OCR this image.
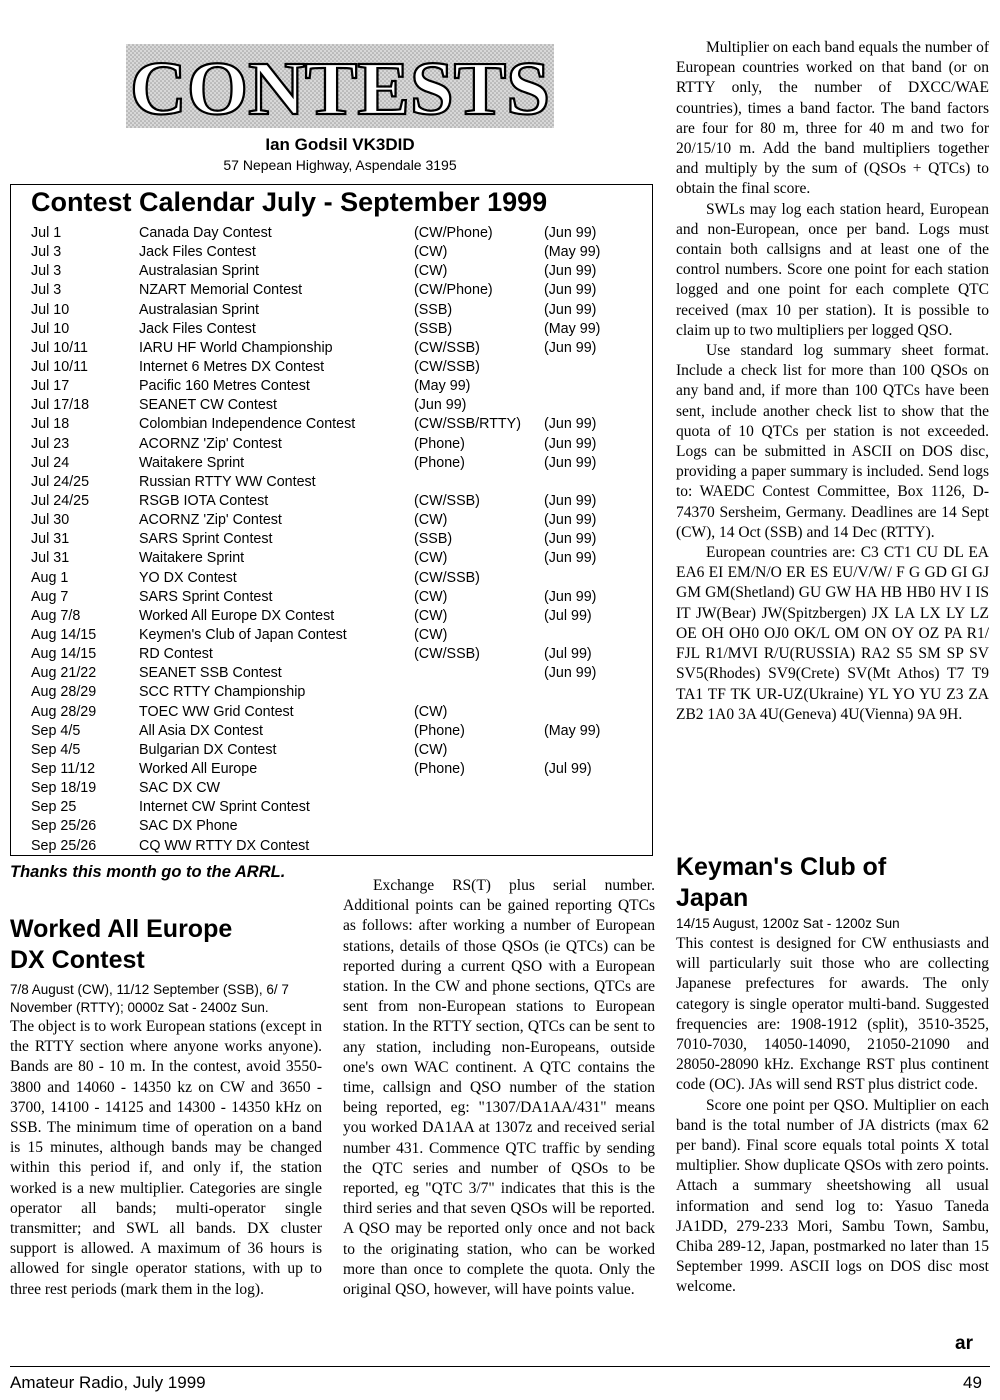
CONTESTS
Ian Godsil VK3DID
57 Nepean Highway, Aspendale 3195
Contest Calendar July - September 1999
Jul 1	Canada Day Contest	(CW/Phone)	(Jun 99)
Jul 3	Jack Files Contest	(CW)	(May 99)
Jul 3	Australasian Sprint	(CW)	(Jun 99)
Jul 3	NZART Memorial Contest	(CW/Phone)	(Jun 99)
Jul 10	Australasian Sprint	(SSB)	(Jun 99)
Jul 10	Jack Files Contest	(SSB)	(May 99)
Jul 10/11	IARU HF World Championship	(CW/SSB)	(Jun 99)
Jul 10/11	Internet 6 Metres DX Contest	(CW/SSB)
Jul 17	Pacific 160 Metres Contest	(May 99)
Jul 17/18	SEANET CW Contest	(Jun 99)
Jul 18	Colombian Independence Contest	(CW/SSB/RTTY) (Jun 99)
Jul 23	ACORNZ 'Zip' Contest	(Phone)	(Jun 99)
Jul 24	Waitakere Sprint	(Phone)	(Jun 99)
Jul 24/25	Russian RTTY WW Contest
Jul 24/25	RSGB IOTA Contest	(CW/SSB)	(Jun 99)
Jul 30	ACORNZ 'Zip' Contest	(CW)	(Jun 99)
Jul 31	SARS Sprint Contest	(SSB)	(Jun 99)
Jul 31	Waitakere Sprint	(CW)	(Jun 99)
Aug 1	YO DX Contest	(CW/SSB)
Aug 7	SARS Sprint Contest	(CW)	(Jun 99)
Aug 7/8	Worked All Europe DX Contest	(CW)	(Jul 99)
Aug 14/15	Keymen's Club of Japan Contest	(CW)
Aug 14/15	RD Contest	(CW/SSB)	(Jul 99)
Aug 21/22	SEANET SSB Contest	(Jun 99)
Aug 28/29	SCC RTTY Championship
Aug 28/29	TOEC WW Grid Contest	(CW)
Sep 4/5	All Asia DX Contest	(Phone)	(May 99)
Sep 4/5	Bulgarian DX Contest	(CW)
Sep 11/12	Worked All Europe	(Phone)	(Jul 99)
Sep 18/19	SAC DX CW
Sep 25	Internet CW Sprint Contest
Sep 25/26	SAC DX Phone
Sep 25/26	CQ WW RTTY DX Contest
Thanks this month go to the ARRL.
Worked All Europe
DX Contest
7/8 August (CW), 11/12 September (SSB), 6/ 7 November (RTTY); 0000z Sat - 2400z Sun.

The object is to work European stations (except in the RTTY section where anyone works anyone). Bands are 80 - 10 m. In the contest, avoid 3550-3800 and 14060 - 14350 kz on CW and 3650 - 3700, 14100 - 14125 and 14300 - 14350 kHz on SSB. The minimum time of operation on a band is 15 minutes, although bands may be changed within this period if, and only if, the station worked is a new multiplier. Categories are single operator all bands; multi-operator single transmitter; and SWL all bands. DX cluster support is allowed. A maximum of 36 hours is allowed for single operator stations, with up to three rest periods (mark them in the log).

Exchange RS(T) plus serial number. Additional points can be gained reporting QTCs as follows: after working a number of European stations, details of those QSOs (ie QTCs) can be reported during a current QSO with a European station. In the CW and phone sections, QTCs are sent from non-European stations to European station. In the RTTY section, QTCs can be sent to any station, including non-Europeans, outside one's own WAC continent. A QTC contains the time, callsign and QSO number of the station being reported, eg: "1307/DA1AA/431" means you worked DA1AA at 1307z and received serial number 431. Commence QTC traffic by sending the QTC series and number of QSOs to be reported, eg "QTC 3/7" indicates that this is the third series and that seven QSOs will be reported. A QSO may be reported only once and not back to the originating station, who can be worked more than once to complete the quota. Only the original QSO, however, will have points value.

Multiplier on each band equals the number of European countries worked on that band (or on RTTY only, the number of DXCC/WAE countries), times a band factor. The band factors are four for 80 m, three for 40 m and two for 20/15/10 m. Add the band multipliers together and multiply by the sum of (QSOs + QTCs) to obtain the final score.

SWLs may log each station heard, European and non-European, once per band. Logs must contain both callsigns and at least one of the control numbers. Score one point for each station logged and one point for each complete QTC received (max 10 per station). It is possible to claim up to two multipliers per logged QSO.

Use standard log summary sheet format. Include a check list for more than 100 QSOs on any band and, if more than 100 QTCs have been sent, include another check list to show that the quota of 10 QTCs per station is not exceeded. Logs can be submitted in ASCII on DOS disc, providing a paper summary is included. Send logs to: WAEDC Contest Committee, Box 1126, D-74370 Sersheim, Germany. Deadlines are 14 Sept (CW), 14 Oct (SSB) and 14 Dec (RTTY).

European countries are: C3 CT1 CU DL EA EA6 EI EM/N/O ER ES EU/V/W/ F G GD GI GJ GM GM(Shetland) GU GW HA HB HB0 HV I IS IT JW(Bear) JW(Spitzbergen) JX LA LX LY LZ OE OH OH0 OJ0 OK/L OM ON OY OZ PA R1/ FJL R1/MVI R/U(RUSSIA) RA2 S5 SM SP SV SV5(Rhodes) SV9(Crete) SV(Mt Athos) T7 T9 TA1 TF TK UR-UZ(Ukraine) YL YO YU Z3 ZA ZB2 1A0 3A 4U(Geneva) 4U(Vienna) 9A 9H.

Keyman's Club of
Japan
14/15 August, 1200z Sat - 1200z Sun

This contest is designed for CW enthusiasts and will particularly suit those who are collecting Japanese prefectures for awards. The only category is single operator multi-band. Suggested frequencies are: 1908-1912 (split), 3510-3525, 7010-7030, 14050-14090, 21050-21090 and 28050-28090 kHz. Exchange RST plus continent code (OC). JAs will send RST plus district code.

Score one point per QSO. Multiplier on each band is the total number of JA districts (max 62 per band). Final score equals total points X total multiplier. Show duplicate QSOs with zero points. Attach a summary sheetshowing all usual information and send log to: Yasuo Taneda JA1DD, 279-233 Mori, Sambu Town, Sambu, Chiba 289-12, Japan, postmarked no later than 15 September 1999. ASCII logs on DOS disc most welcome.

ar
Amateur Radio, July 1999	49
